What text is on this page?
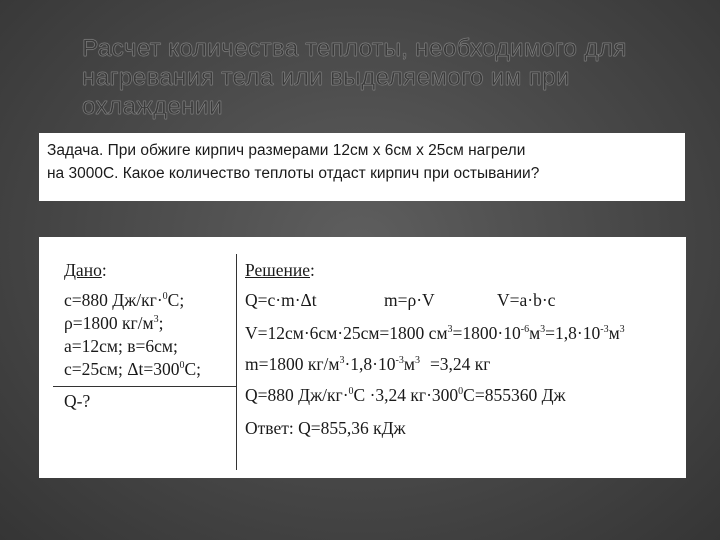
Расчет количества теплоты, необходимого для нагревания тела или выделяемого им при охлаждении

Задача. При обжиге кирпич размерами 12см х 6см х 25см нагрели

на 3000С. Какое количество теплоты отдаст кирпич при остывании?

Дано:
с=880 Дж/кг·$^0$С;
ρ=1800 $кг/м^3$;
а=12см; в=6см;
с=25см; $\Delta t=300^0С$;
Q-?
Решение:
Q=с·m·Δt	m=ρ·V	V=a·b·c
V=12см·6см·25см=1800 $см^3=1800\cdot 10^{-6}м^3=1,8\cdot 10^{-3}м^3$
m=1800 $кг/м^3\cdot 1,8\cdot 10^{-3}м^3 =3,24$ кг
Q=880 Дж/кг·$^0$С ·3,24 $кг\cdot 300^0С=855360$ Дж
Ответ: Q=855,36 кДж
